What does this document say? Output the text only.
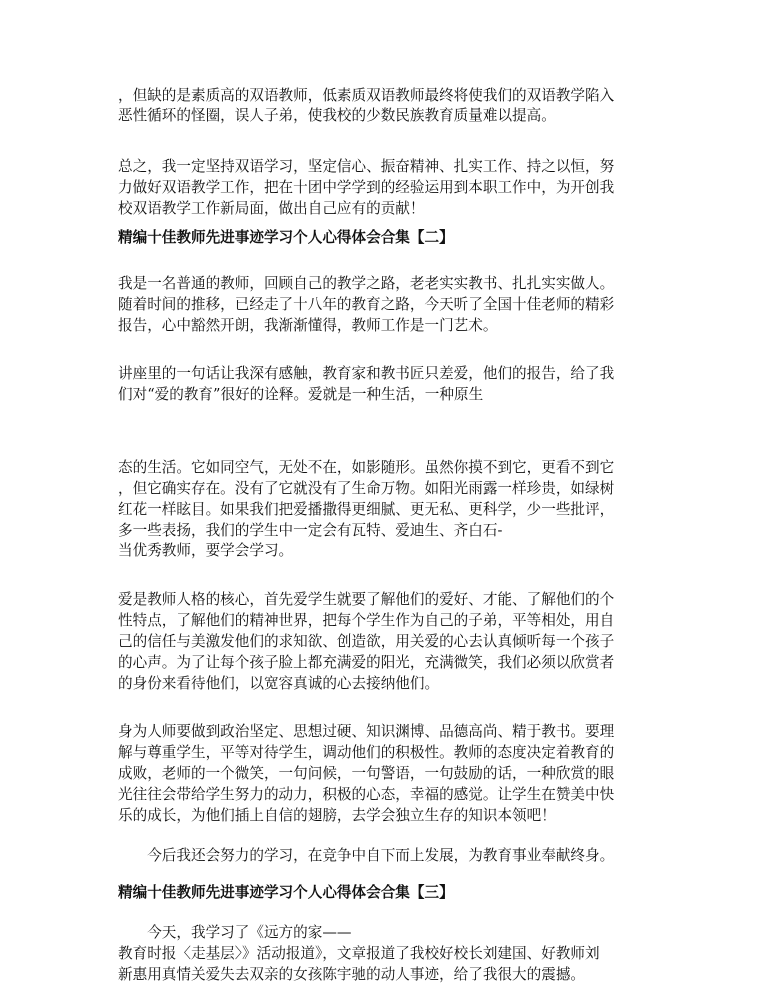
，但缺的是素质高的双语教师，低素质双语教师最终将使我们的双语教学陷入
恶性循环的怪圈，误人子弟，使我校的少数民族教育质量难以提高。
总之，我一定坚持双语学习，坚定信心、振奋精神、扎实工作、持之以恒，努
力做好双语教学工作，把在十团中学学到的经验运用到本职工作中，为开创我
校双语教学工作新局面，做出自己应有的贡献！
精编十佳教师先进事迹学习个人心得体会合集【二】
我是一名普通的教师，回顾自己的教学之路，老老实实教书、扎扎实实做人。
随着时间的推移，已经走了十八年的教育之路，今天听了全国十佳老师的精彩
报告，心中豁然开朗，我渐渐懂得，教师工作是一门艺术。
讲座里的一句话让我深有感触，教育家和教书匠只差爱，他们的报告，给了我
们对“爱的教育”很好的诠释。爱就是一种生活，一种原生
态的生活。它如同空气，无处不在，如影随形。虽然你摸不到它，更看不到它
，但它确实存在。没有了它就没有了生命万物。如阳光雨露一样珍贵，如绿树
红花一样眩目。如果我们把爱播撒得更细腻、更无私、更科学，少一些批评，
多一些表扬，我们的学生中一定会有瓦特、爱迪生、齐白石-
当优秀教师，要学会学习。
爱是教师人格的核心，首先爱学生就要了解他们的爱好、才能、了解他们的个
性特点，了解他们的精神世界，把每个学生作为自己的子弟，平等相处，用自
己的信任与美激发他们的求知欲、创造欲，用关爱的心去认真倾听每一个孩子
的心声。为了让每个孩子脸上都充满爱的阳光，充满微笑，我们必须以欣赏者
的身份来看待他们，以宽容真诚的心去接纳他们。
身为人师要做到政治坚定、思想过硬、知识渊博、品德高尚、精于教书。要理
解与尊重学生，平等对待学生，调动他们的积极性。教师的态度决定着教育的
成败，老师的一个微笑，一句问候，一句警语，一句鼓励的话，一种欣赏的眼
光往往会带给学生努力的动力，积极的心态，幸福的感觉。让学生在赞美中快
乐的成长，为他们插上自信的翅膀，去学会独立生存的知识本领吧！
　　今后我还会努力的学习，在竞争中自下而上发展，为教育事业奉献终身。
精编十佳教师先进事迹学习个人心得体会合集【三】
　　今天，我学习了《远方的家——
教育时报〈走基层〉》活动报道》，文章报道了我校好校长刘建国、好教师刘
新惠用真情关爱失去双亲的女孩陈宇驰的动人事迹，给了我很大的震撼。
